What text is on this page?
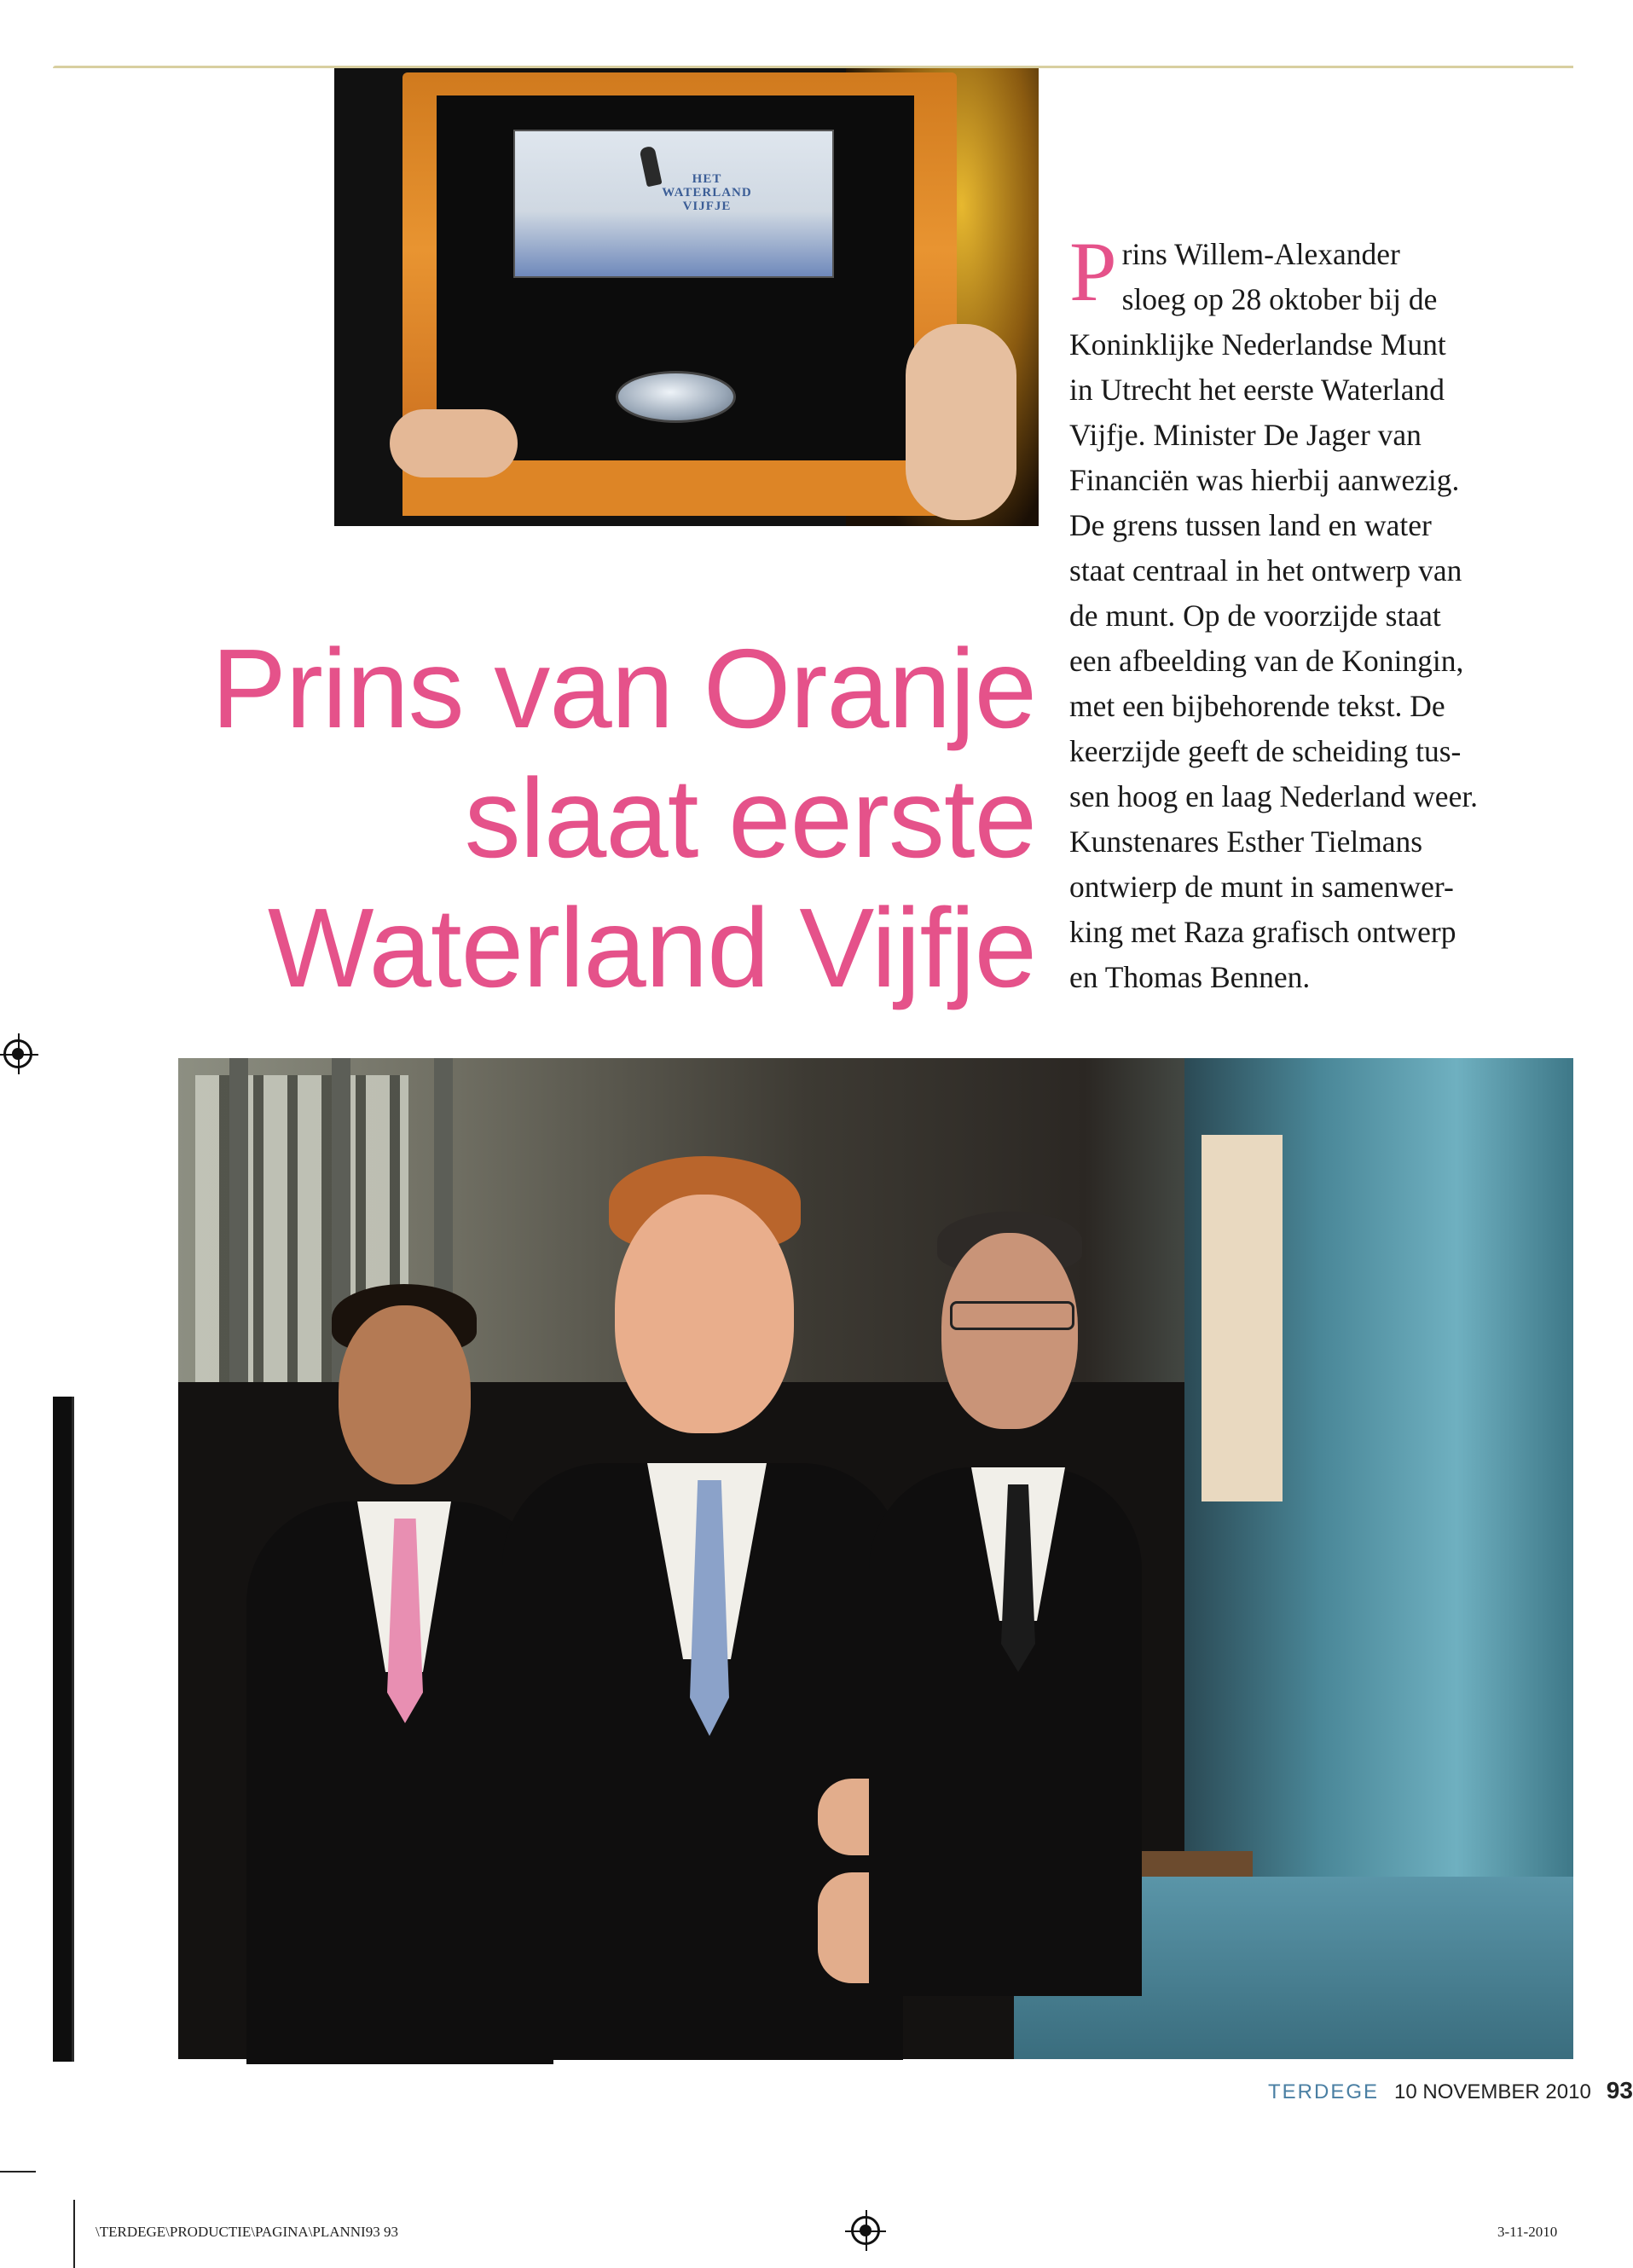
HET
WATERLAND
VIJFJE
Prins van Oranje
slaat eerste
Waterland Vijfje
P rins Willem-Alexander
sloeg op 28 oktober bij de
Koninklijke Nederlandse Munt
in Utrecht het eerste Waterland
Vijfje. Minister De Jager van
Financiën was hierbij aanwezig.
De grens tussen land en water
staat centraal in het ontwerp van
de munt. Op de voorzijde staat
een afbeelding van de Koningin,
met een bijbehorende tekst. De
keerzijde geeft de scheiding tus-
sen hoog en laag Nederland weer.
Kunstenares Esther Tielmans
ontwierp de munt in samenwer-
king met Raza grafisch ontwerp
en Thomas Bennen.
TERDEGE 10 NOVEMBER 2010 93
\TERDEGE\PRODUCTIE\PAGINA\PLANNI93 93	3-11-2010
